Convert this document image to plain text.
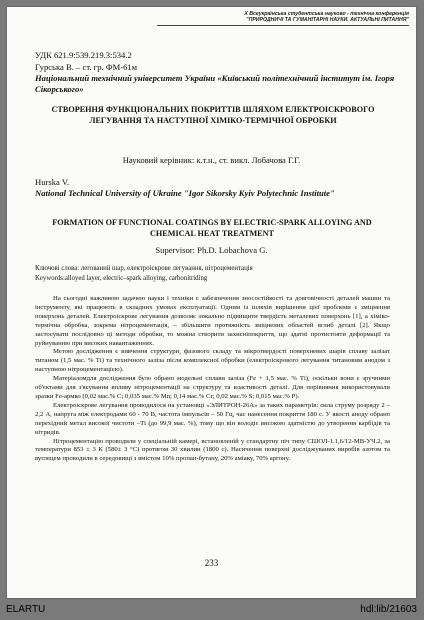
X Всеукраїнська студентська науково - технічна конференція
"ПРИРОДНИЧІ ТА ГУМАНІТАРНІ НАУКИ. АКТУАЛЬНІ ПИТАННЯ"
УДК 621.9:539.219.3:534.2
Гурська В. – ст. гр. ФМ-61м
Національний технічний університет України «Київський політехнічний інститут ім. Ігоря Сікорського»
СТВОРЕННЯ ФУНКЦІОНАЛЬНИХ ПОКРИТТІВ ШЛЯХОМ ЕЛЕКТРОІСКРОВОГО ЛЕГУВАННЯ ТА НАСТУПНОЇ ХІМІКО-ТЕРМІЧНОЇ ОБРОБКИ
Науковий керівник: к.т.н., ст. викл. Лобачова Г.Г.
Hurska V.
National Technical University of Ukraine "Igor Sikorsky Kyiv Polytechnic Institute"
FORMATION OF FUNCTIONAL COATINGS BY ELECTRIC-SPARK ALLOYING AND CHEMICAL HEAT TREATMENT
Supervisor: Ph.D. Lobachova G.
Ключові слова: легований шар, електроіскрове легування, нітроцементація
Keywords:alloyed layer, electric–spark alloying, carbonitriding

На сьогодні важливою задачею науки і техніки є забезпечення зносостійкості та довговічності деталей машин та інструменту, які працюють в складних умовах експлуатації. Одним із шляхів вирішення цієї проблеми є зміцнення поверхонь деталей. Електроіскрове легування дозволяє локально підвищити твердість металевих поверхонь [1], а хіміко-термічна обробка, зокрема нітроцементація, – збільшити протяжність зміцнених областей вглиб деталі [2]. Якщо застосувати послідовно ці методи обробки, то можна створити захисніпокриття, що здатні протистояти деформації та руйнуванню при високих навантаженнях.

Метою дослідження є вивчення структури, фазового складу та мікротвердості поверхневих шарів сплаву залізат титаном (1,5 мас. % Ті) та технічного заліза після комплексної обробки (електроіскрового легування титановим анодом з наступною нітроцементацією).

Матеріаломдля дослідження було обрано модельні сплави заліза (Fe + 1,5 мас. % Ті), оскільки вони є зручними об'єктами для з'ясування впливу нітроцементації на структуру та властивості деталі. Для порівняння використовували зразки Fe-армко (0,02 мас.% C; 0,035 мас.% Mn; 0,14 мас.% Cr; 0,02 мас.% S; 0,015 мас.% P).

Електроіскрове легування проводилося на установці «ЭЛИТРОН-26А» за таких параметрів: сила струму розряду 2 – 2,2 А, напруга між електродами 60 - 70 В, частота імпульсів – 50 Гц, час нанесення покриття 180 с. У якості аноду обрано перехідний метал високої чистоти –Ті (до 99,9 мас. %), тому що він володіє високою здатністю до утворення карбідів та нітридів.

Нітроцементацію проводили у спеціальній камері, встановленій у стандартну піч типу СШОЛ-1.1,6/12-МВ-УЧ.2, за температури 853 ± 3 К (580± 3 °С) протягом 30 хвилин (1800 с). Насичення поверхні досліджуваних виробів азотом та вуглецем проводили в середовищі з вмістом 10% пропан-бутану, 20% аміаку, 70% аргону.

233
ELARTU	hdl:lib/21603
